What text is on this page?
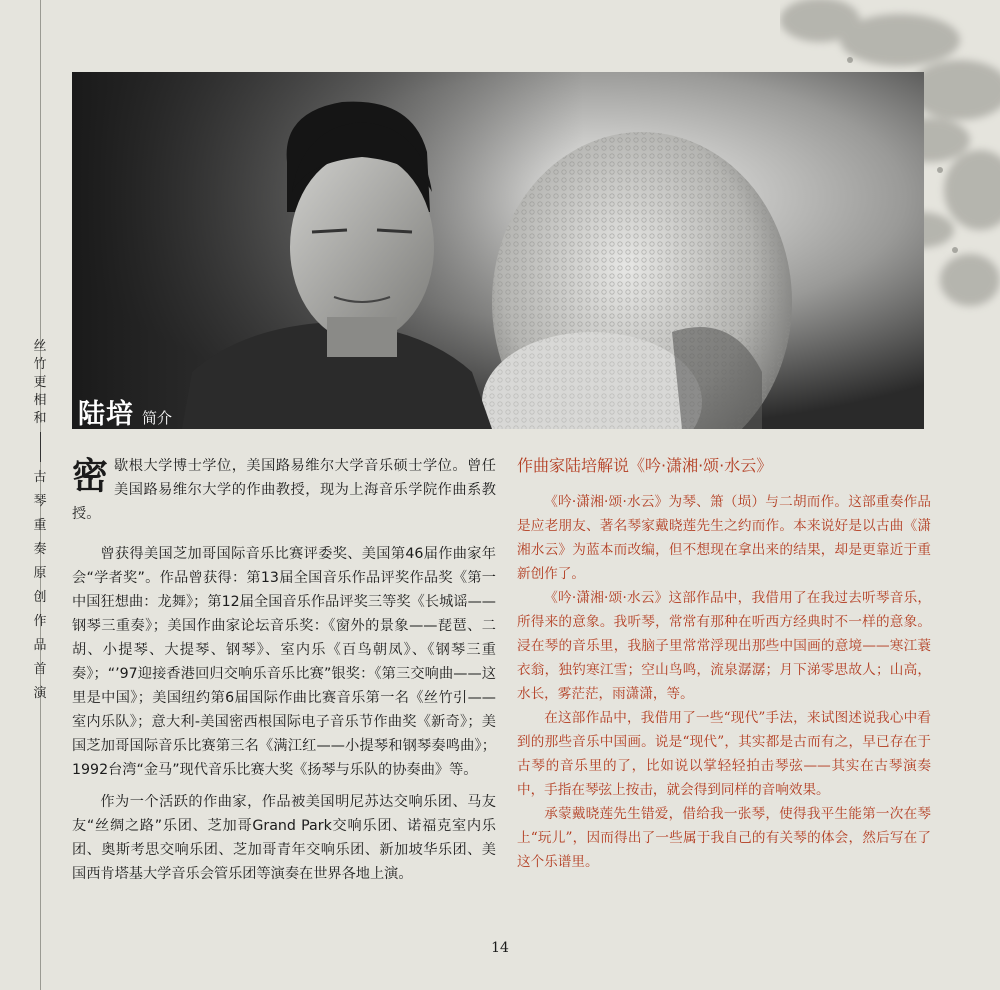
丝
竹
更
相
和
古
琴
重
奏
原
创
作
品
首
演
陆培 简介

密歇根大学博士学位，美国路易维尔大学音乐硕士学位。曾任美国路易维尔大学的作曲教授，现为上海音乐学院作曲系教授。

曾获得美国芝加哥国际音乐比赛评委奖、美国第46届作曲家年会“学者奖”。作品曾获得：第13届全国音乐作品评奖作品奖《第一中国狂想曲：龙舞》；第12届全国音乐作品评奖三等奖《长城谣——钢琴三重奏》；美国作曲家论坛音乐奖：《窗外的景象——琵琶、二胡、小提琴、大提琴、钢琴》、室内乐《百鸟朝凤》、《钢琴三重奏》；“’97迎接香港回归交响乐音乐比赛”银奖：《第三交响曲——这里是中国》；美国纽约第6届国际作曲比赛音乐第一名《丝竹引——室内乐队》；意大利-美国密西根国际电子音乐节作曲奖《新奇》；美国芝加哥国际音乐比赛第三名《满江红——小提琴和钢琴奏鸣曲》；1992台湾“金马”现代音乐比赛大奖《扬琴与乐队的协奏曲》等。

作为一个活跃的作曲家，作品被美国明尼苏达交响乐团、马友友“丝绸之路”乐团、芝加哥Grand Park交响乐团、诺福克室内乐团、奥斯考思交响乐团、芝加哥青年交响乐团、新加坡华乐团、美国西肯塔基大学音乐会管乐团等演奏在世界各地上演。

作曲家陆培解说《吟·潇湘·颂·水云》

《吟·潇湘·颂·水云》为琴、箫（埙）与二胡而作。这部重奏作品是应老朋友、著名琴家戴晓莲先生之约而作。本来说好是以古曲《潇湘水云》为蓝本而改编，但不想现在拿出来的结果，却是更靠近于重新创作了。

《吟·潇湘·颂·水云》这部作品中，我借用了在我过去听琴音乐，所得来的意象。我听琴，常常有那种在听西方经典时不一样的意象。浸在琴的音乐里，我脑子里常常浮现出那些中国画的意境——寒江蓑衣翁，独钓寒江雪；空山鸟鸣，流泉潺潺；月下涕零思故人；山高，水长，雾茫茫，雨潇潇，等。

在这部作品中，我借用了一些“现代”手法，来试图述说我心中看到的那些音乐中国画。说是“现代”，其实都是古而有之，早已存在于古琴的音乐里的了，比如说以掌轻轻拍击琴弦——其实在古琴演奏中，手指在琴弦上按击，就会得到同样的音响效果。

承蒙戴晓莲先生错爱，借给我一张琴，使得我平生能第一次在琴上“玩儿”，因而得出了一些属于我自己的有关琴的体会，然后写在了这个乐谱里。

14
